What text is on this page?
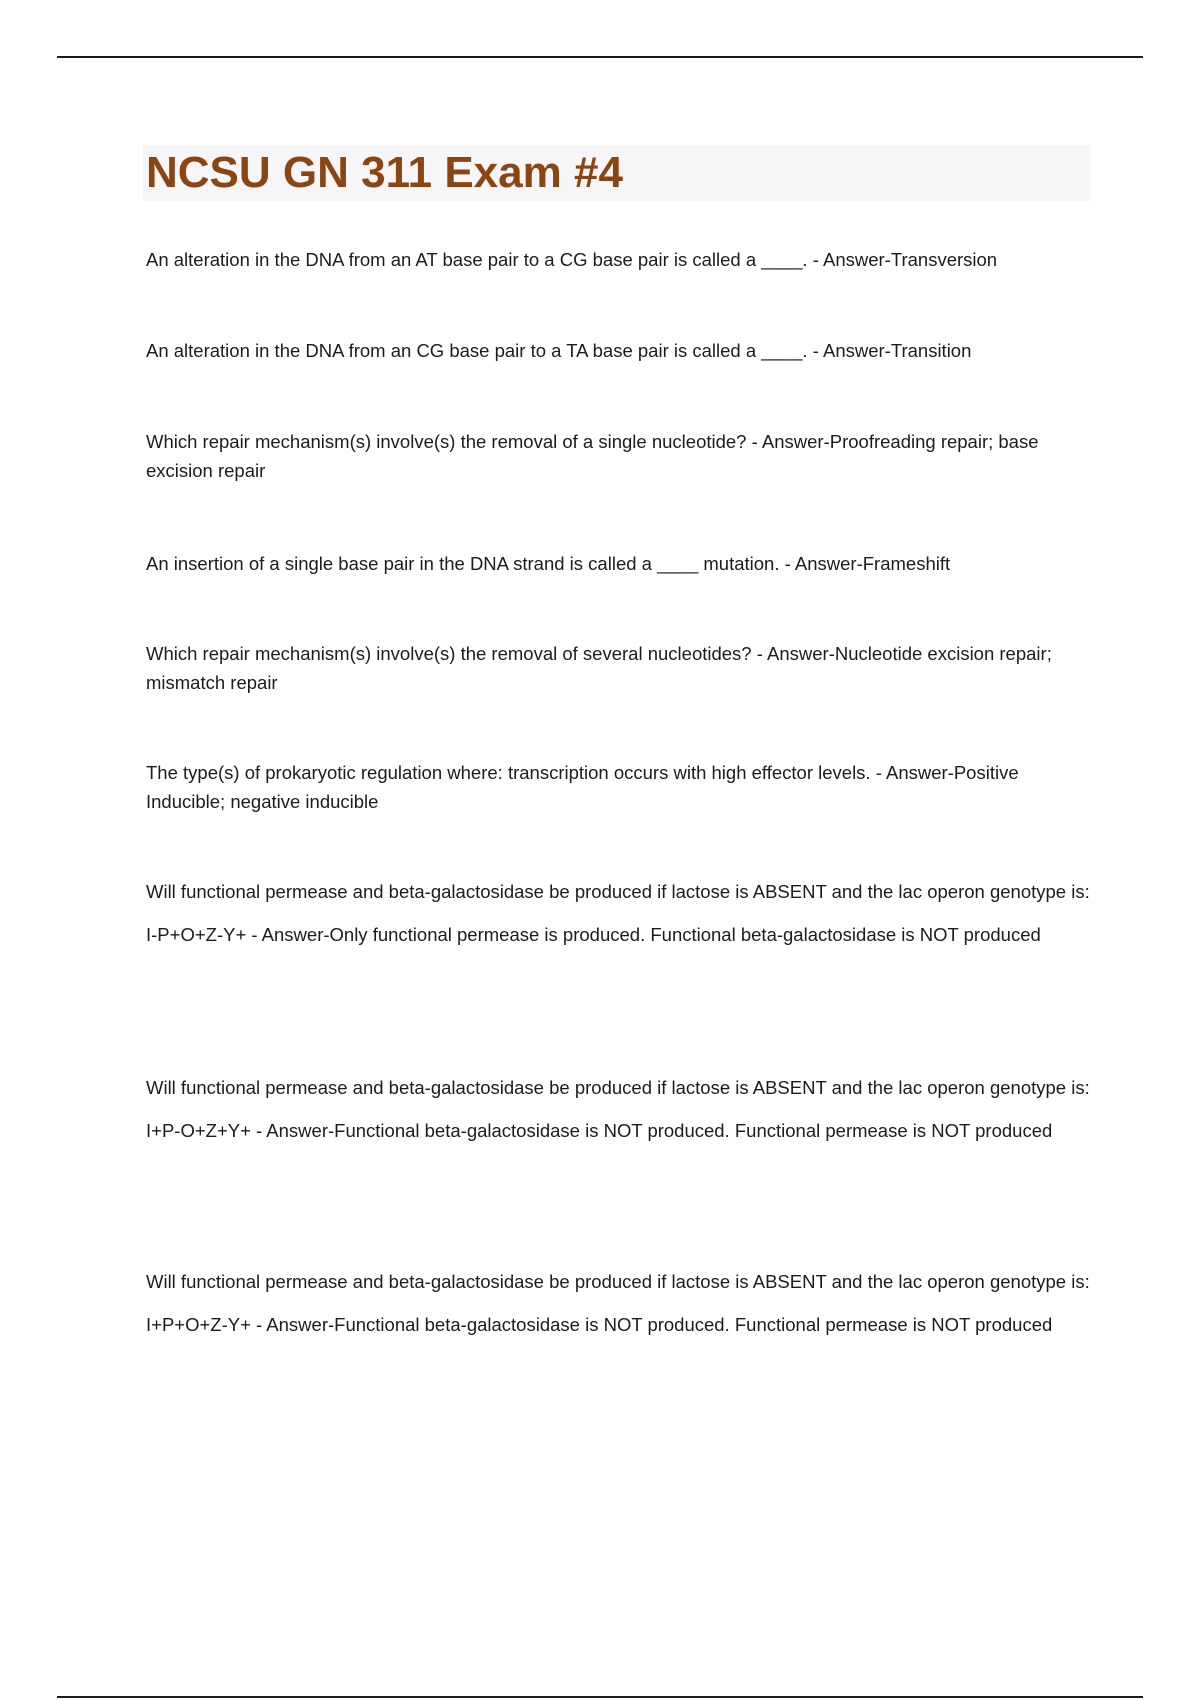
NCSU GN 311 Exam #4

An alteration in the DNA from an AT base pair to a CG base pair is called a ____. - Answer-Transversion

An alteration in the DNA from an CG base pair to a TA base pair is called a ____. - Answer-Transition

Which repair mechanism(s) involve(s) the removal of a single nucleotide? - Answer-Proofreading repair; base excision repair

An insertion of a single base pair in the DNA strand is called a ____ mutation. - Answer-Frameshift

Which repair mechanism(s) involve(s) the removal of several nucleotides? - Answer-Nucleotide excision repair; mismatch repair

The type(s) of prokaryotic regulation where: transcription occurs with high effector levels. - Answer-Positive Inducible; negative inducible

Will functional permease and beta-galactosidase be produced if lactose is ABSENT and the lac operon genotype is:

I-P+O+Z-Y+ - Answer-Only functional permease is produced. Functional beta-galactosidase is NOT produced

Will functional permease and beta-galactosidase be produced if lactose is ABSENT and the lac operon genotype is:

I+P-O+Z+Y+ - Answer-Functional beta-galactosidase is NOT produced. Functional permease is NOT produced

Will functional permease and beta-galactosidase be produced if lactose is ABSENT and the lac operon genotype is:

I+P+O+Z-Y+ - Answer-Functional beta-galactosidase is NOT produced. Functional permease is NOT produced
